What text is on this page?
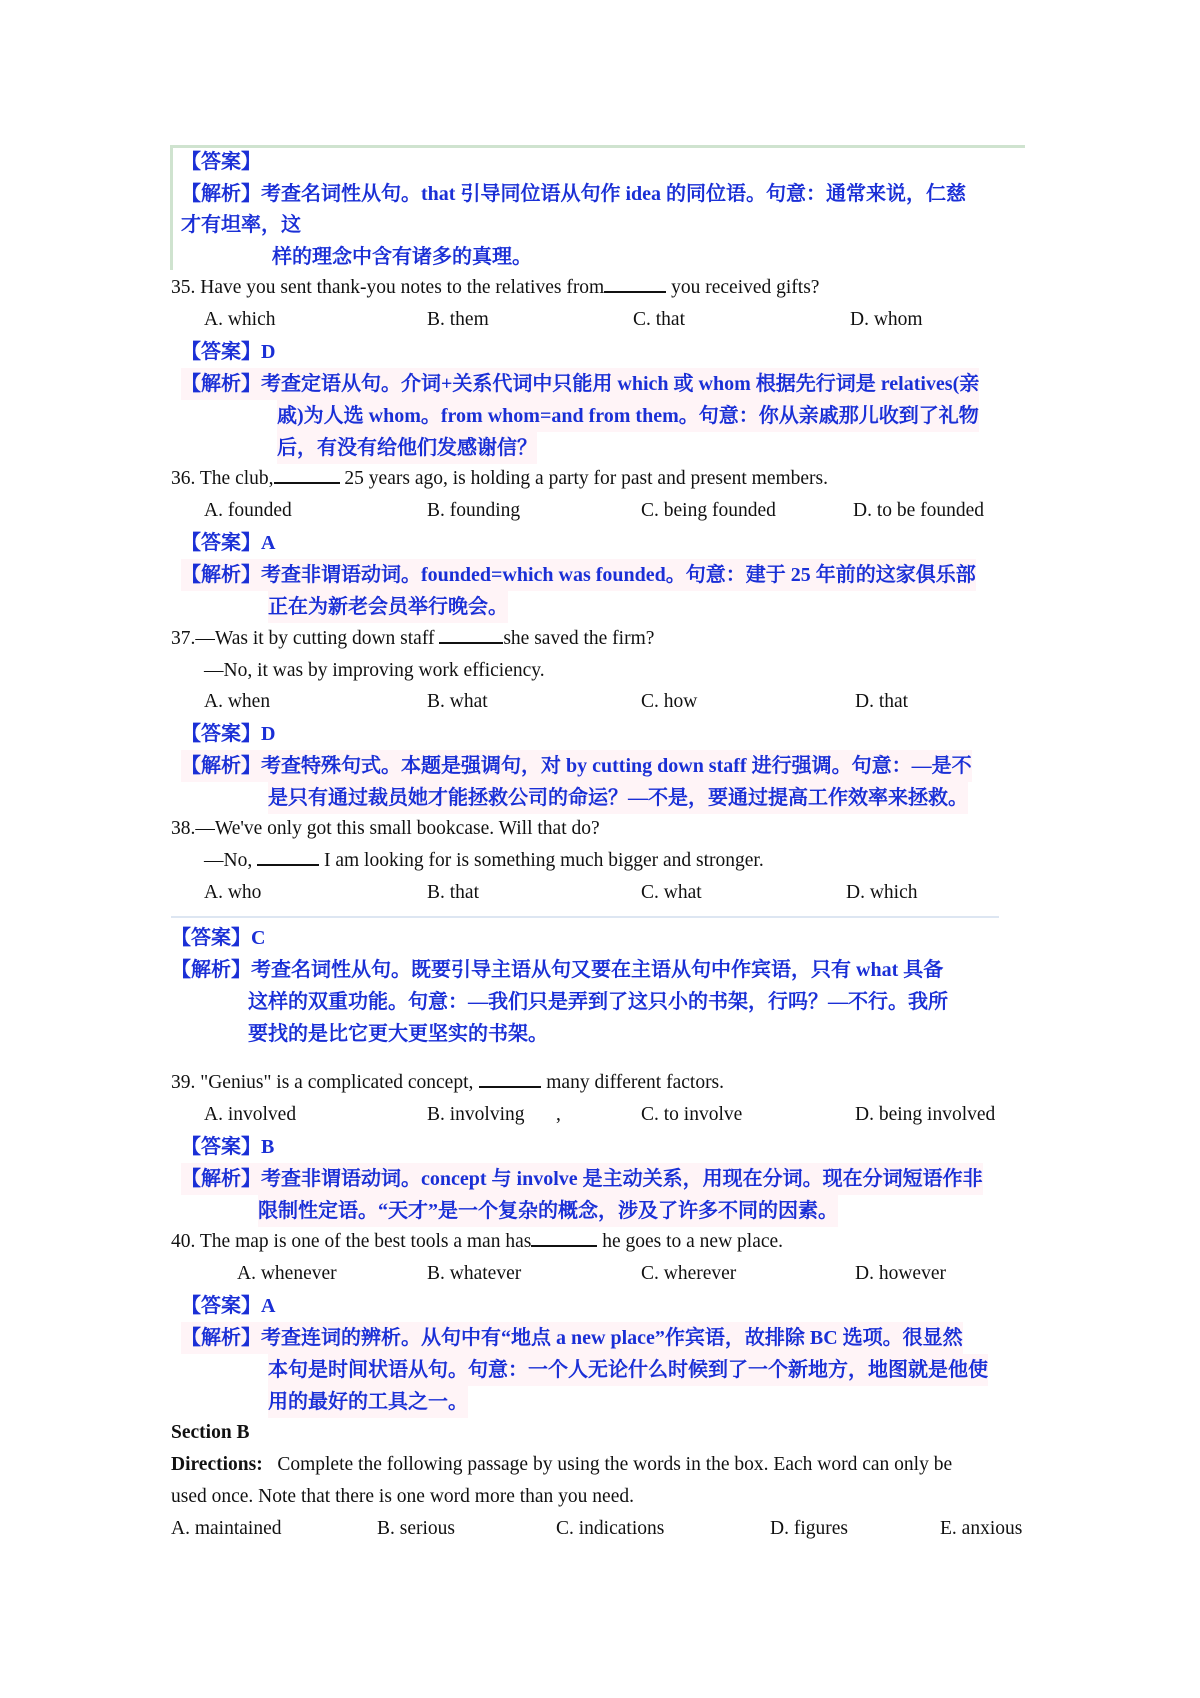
【答案】
【解析】考查名词性从句。that 引导同位语从句作 idea 的同位语。句意：通常来说，仁慈
才有坦率，这
样的理念中含有诸多的真理。
35. Have you sent thank-you notes to the relatives from	you received gifts?
A. which	B. them	C. that	D. whom
【答案】D
【解析】考查定语从句。介词+关系代词中只能用 which 或 whom 根据先行词是 relatives(亲
戚)为人选 whom。from whom=and from them。句意：你从亲戚那儿收到了礼物
后，有没有给他们发感谢信？
36. The club,	25 years ago, is holding a party for past and present members.
A. founded	B. founding	C. being founded	D. to be founded
【答案】A
【解析】考查非谓语动词。founded=which was founded。句意：建于 25 年前的这家俱乐部
正在为新老会员举行晚会。
37.—Was it by cutting down staff	she saved the firm?
—No, it was by improving work efficiency.
A. when	B. what	C. how	D. that
【答案】D
【解析】考查特殊句式。本题是强调句，对 by cutting down staff 进行强调。句意：—是不
是只有通过裁员她才能拯救公司的命运？—不是，要通过提高工作效率来拯救。
38.—We've only got this small bookcase. Will that do?
—No,	I am looking for is something much bigger and stronger.
A. who	B. that	C. what	D. which
【答案】C
【解析】考查名词性从句。既要引导主语从句又要在主语从句中作宾语，只有 what 具备
这样的双重功能。句意：—我们只是弄到了这只小的书架，行吗？—不行。我所
要找的是比它更大更坚实的书架。
39. "Genius" is a complicated concept,	many different factors.
A. involved	B. involving ,	C. to involve	D. being involved
【答案】B
【解析】考查非谓语动词。concept 与 involve 是主动关系，用现在分词。现在分词短语作非
限制性定语。“天才”是一个复杂的概念，涉及了许多不同的因素。
40. The map is one of the best tools a man has	he goes to a new place.
A. whenever	B. whatever	C. wherever	D. however
【答案】A
【解析】考查连词的辨析。从句中有“地点 a new place”作宾语，故排除 BC 选项。很显然
本句是时间状语从句。句意：一个人无论什么时候到了一个新地方，地图就是他使
用的最好的工具之一。
Section B
Directions:   Complete the following passage by using the words in the box. Each word can only be
used once. Note that there is one word more than you need.
A. maintained	B. serious	C. indications	D. figures	E. anxious
